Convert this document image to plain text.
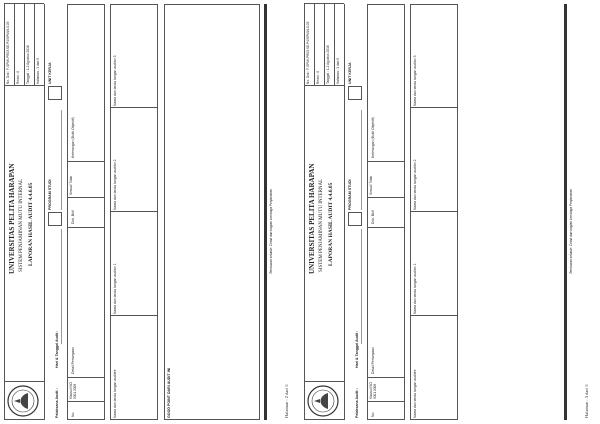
UNIVERSITAS PELITA HARAPAN SISTEM PENJAMINAN MUTU INTERNAL LAPORAN HASIL AUDIT 4.4.6.05
No. Dok : F-SPMI-PR03.SE.P4/SPMI/4.0.05 Revisi : 0 Tanggal : 1-2 Agustus 2016 Halaman : 1 dari 5
Pelaksana Audit :
Hari & Tanggal Audit :
PROGRAM STUDI
UNIT KERJA
No.
Klausul ISO 9001 2008
Detail Pertanyaan
Dok. Bkt/
Sesuai/ Tidak
Keterangan (Bukti Objektif)
Nama dan tanda tangan auditee
Nama dan tanda tangan auditor 1
Nama dan tanda tangan auditor 2
Nama dan tanda tangan auditor 3
GOOD POINT DARI AUDIT INI
Tembusan seluruh: Cetak dan bagian Lembaga Penjaminan
Halaman : 2 dari 5
UNIVERSITAS PELITA HARAPAN SISTEM PENJAMINAN MUTU INTERNAL LAPORAN HASIL AUDIT 4.4.6.05
No. Dok : F-SPMI-PR03.SE.P4/SPMI/4.0.05 Revisi : 0 Tanggal : 1-2 Agustus 2016 Halaman : 1 dari 5
Pelaksana Audit :
Hari & Tanggal Audit :
PROGRAM STUDI
UNIT KERJA
No.
Klausul ISO 9001 2008
Detail Pertanyaan
Dok. Bkt/
Sesuai/ Tidak
Keterangan (Bukti Objektif)
Nama dan tanda tangan auditee
Nama dan tanda tangan auditor 1
Nama dan tanda tangan auditor 2
Nama dan tanda tangan auditor 3
Tembusan seluruh: Cetak dan bagian Lembaga Penjaminan
Halaman : 3 dari 5
